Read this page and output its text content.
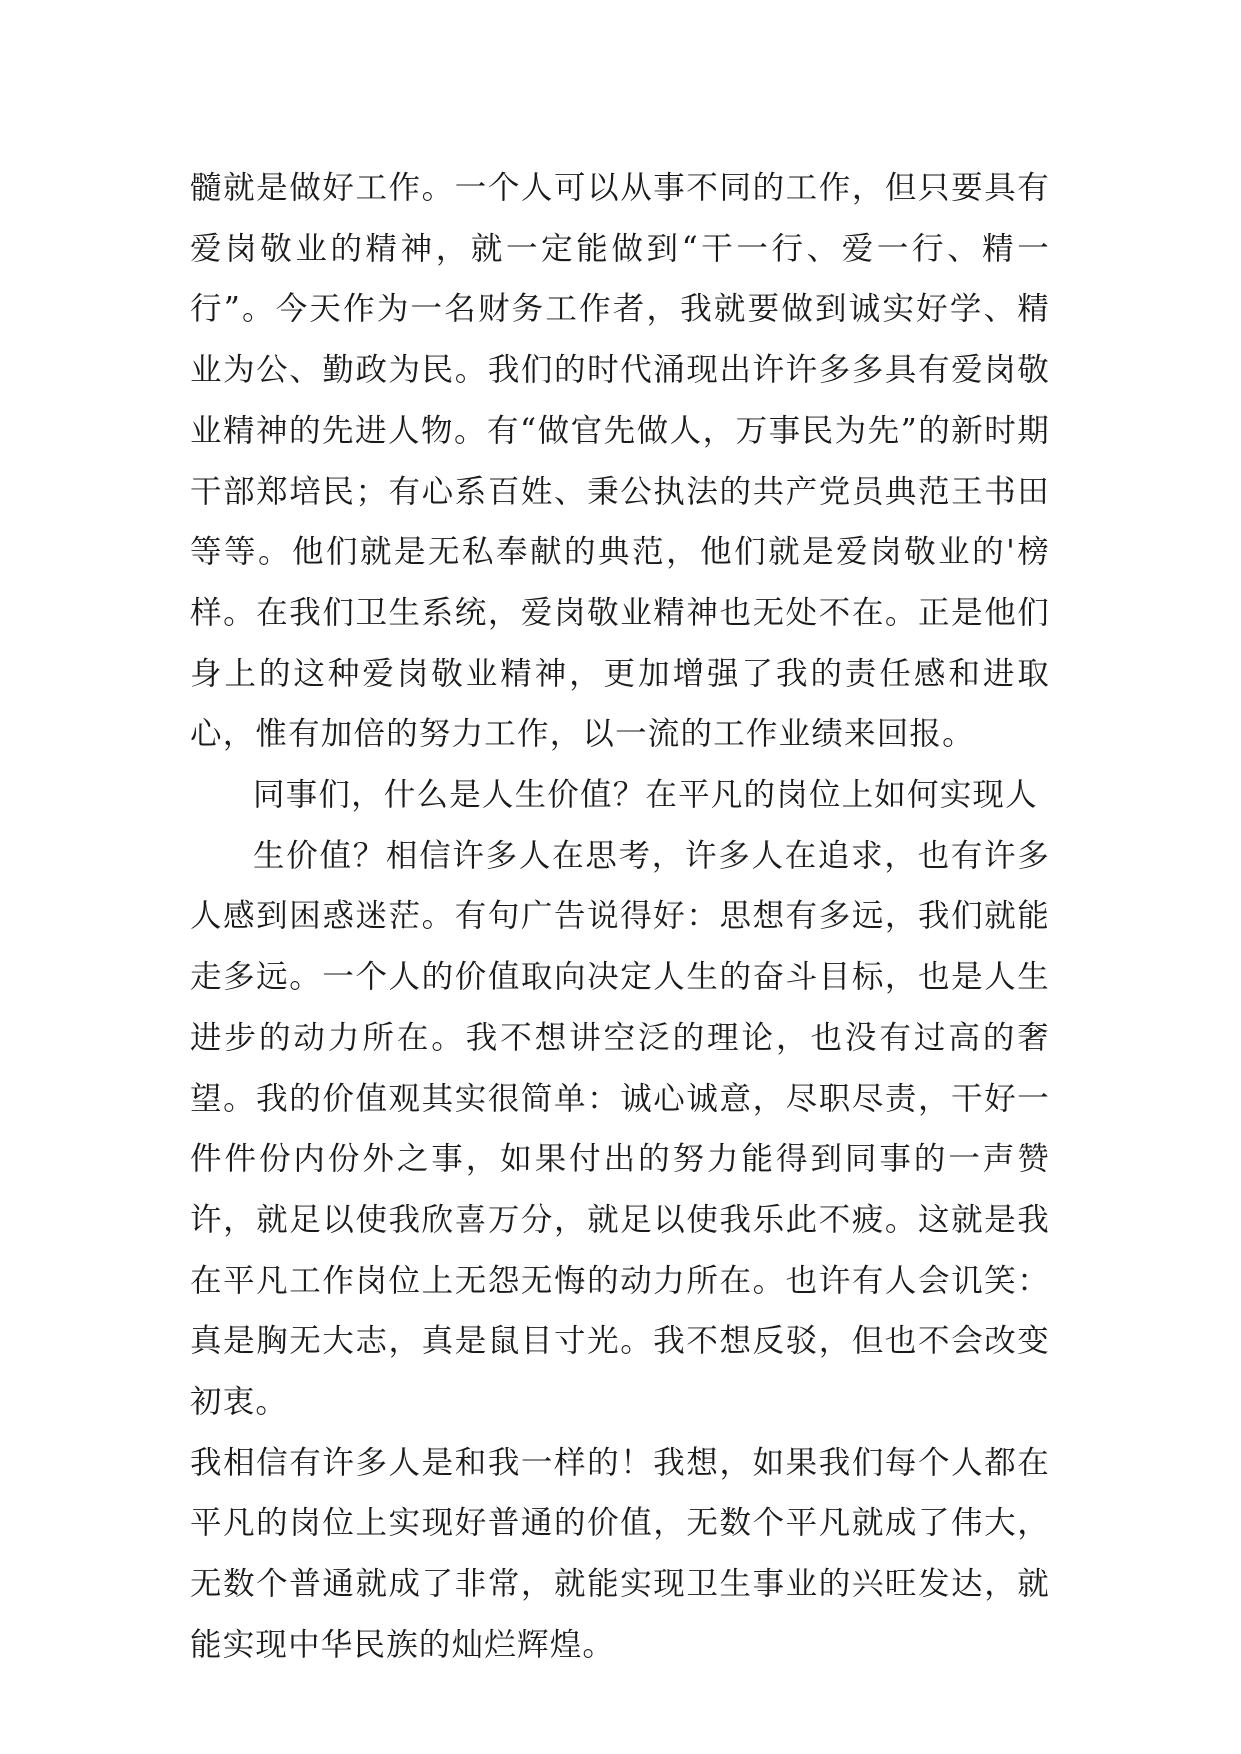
髓就是做好工作。一个人可以从事不同的工作，但只要具有爱岗敬业的精神，就一定能做到“干一行、爱一行、精一行”。今天作为一名财务工作者，我就要做到诚实好学、精业为公、勤政为民。我们的时代涌现出许许多多具有爱岗敬业精神的先进人物。有“做官先做人，万事民为先”的新时期干部郑培民；有心系百姓、秉公执法的共产党员典范王书田等等。他们就是无私奉献的典范，他们就是爱岗敬业的'榜样。在我们卫生系统，爱岗敬业精神也无处不在。正是他们身上的这种爱岗敬业精神，更加增强了我的责任感和进取心，惟有加倍的努力工作，以一流的工作业绩来回报。

同事们，什么是人生价值？在平凡的岗位上如何实现人

生价值？相信许多人在思考，许多人在追求，也有许多人感到困惑迷茫。有句广告说得好：思想有多远，我们就能走多远。一个人的价值取向决定人生的奋斗目标，也是人生进步的动力所在。我不想讲空泛的理论，也没有过高的奢望。我的价值观其实很简单：诚心诚意，尽职尽责，干好一件件份内份外之事，如果付出的努力能得到同事的一声赞许，就足以使我欣喜万分，就足以使我乐此不疲。这就是我在平凡工作岗位上无怨无悔的动力所在。也许有人会讥笑：真是胸无大志，真是鼠目寸光。我不想反驳，但也不会改变初衷。

我相信有许多人是和我一样的！我想，如果我们每个人都在平凡的岗位上实现好普通的价值，无数个平凡就成了伟大，无数个普通就成了非常，就能实现卫生事业的兴旺发达，就能实现中华民族的灿烂辉煌。
